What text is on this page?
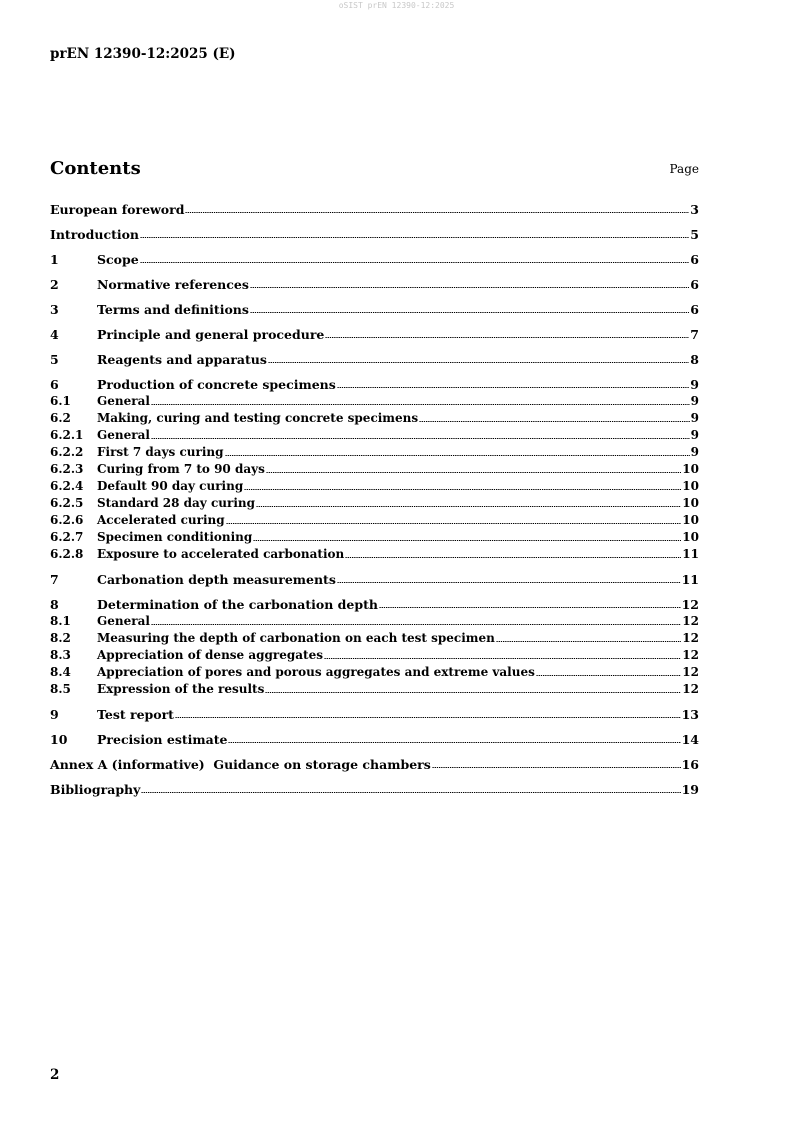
oSIST prEN 12390-12:2025
prEN 12390-12:2025 (E)
Contents	Page
European foreword	3
Introduction	5
1	Scope	6
2	Normative references	6
3	Terms and definitions	6
4	Principle and general procedure	7
5	Reagents and apparatus	8
6	Production of concrete specimens	9
6.1	General	9
6.2	Making, curing and testing concrete specimens	9
6.2.1	General	9
6.2.2	First 7 days curing	9
6.2.3	Curing from 7 to 90 days	10
6.2.4	Default 90 day curing	10
6.2.5	Standard 28 day curing	10
6.2.6	Accelerated curing	10
6.2.7	Specimen conditioning	10
6.2.8	Exposure to accelerated carbonation	11
7	Carbonation depth measurements	11
8	Determination of the carbonation depth	12
8.1	General	12
8.2	Measuring the depth of carbonation on each test specimen	12
8.3	Appreciation of dense aggregates	12
8.4	Appreciation of pores and porous aggregates and extreme values	12
8.5	Expression of the results	12
9	Test report	13
10	Precision estimate	14
Annex A (informative)  Guidance on storage chambers	16
Bibliography	19
2
